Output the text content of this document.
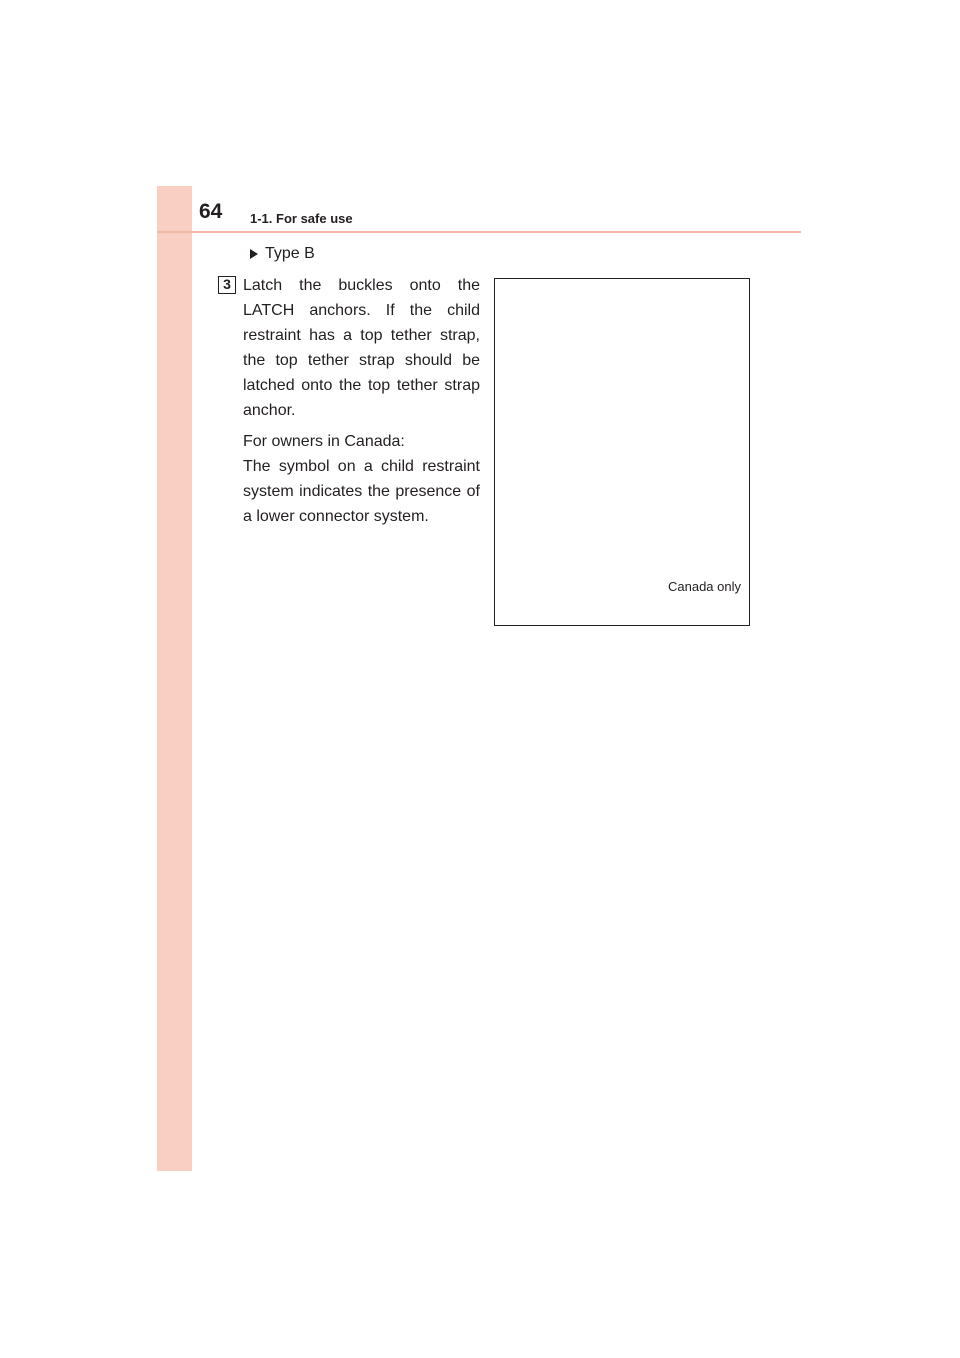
64 1-1. For safe use
Type B
3 Latch the buckles onto the LATCH anchors. If the child restraint has a top tether strap, the top tether strap should be latched onto the top tether strap anchor.

For owners in Canada:

The symbol on a child restraint system indicates the presence of a lower connector system.

Canada only
